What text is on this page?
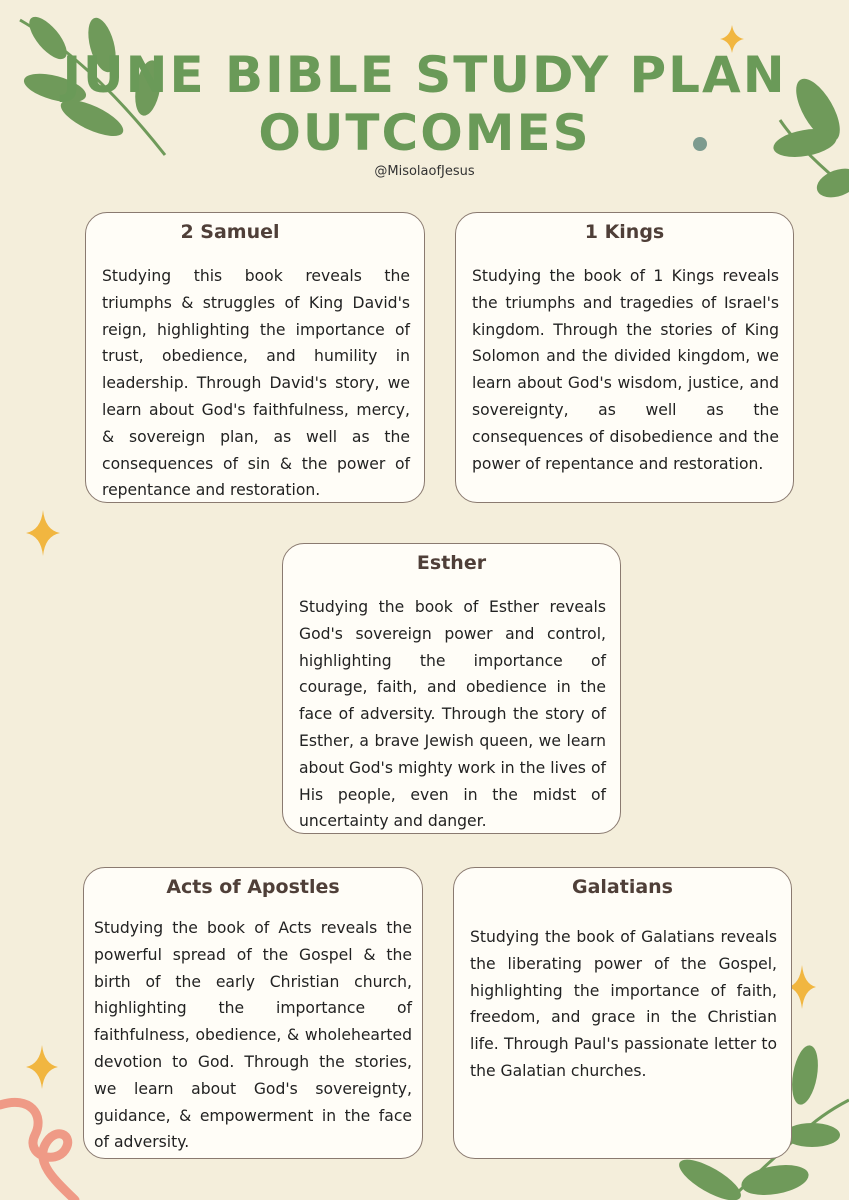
JUNE BIBLE STUDY PLAN
OUTCOMES
@MisolaofJesus
2 Samuel

Studying this book reveals the triumphs & struggles of King David's reign, highlighting the importance of trust, obedience, and humility in leadership. Through David's story, we learn about God's faithfulness, mercy, & sovereign plan, as well as the consequences of sin & the power of repentance and restoration.

1 Kings

Studying the book of 1 Kings reveals the triumphs and tragedies of Israel's kingdom. Through the stories of King Solomon and the divided kingdom, we learn about God's wisdom, justice, and sovereignty, as well as the consequences of disobedience and the power of repentance and restoration.

Esther

Studying the book of Esther reveals God's sovereign power and control, highlighting the importance of courage, faith, and obedience in the face of adversity. Through the story of Esther, a brave Jewish queen, we learn about God's mighty work in the lives of His people, even in the midst of uncertainty and danger.

Acts of Apostles

Studying the book of Acts reveals the powerful spread of the Gospel & the birth of the early Christian church, highlighting the importance of faithfulness, obedience, & wholehearted devotion to God. Through the stories, we learn about God's sovereignty, guidance, & empowerment in the face of adversity.

Galatians

Studying the book of Galatians reveals the liberating power of the Gospel, highlighting the importance of faith, freedom, and grace in the Christian life. Through Paul's passionate letter to the Galatian churches.
